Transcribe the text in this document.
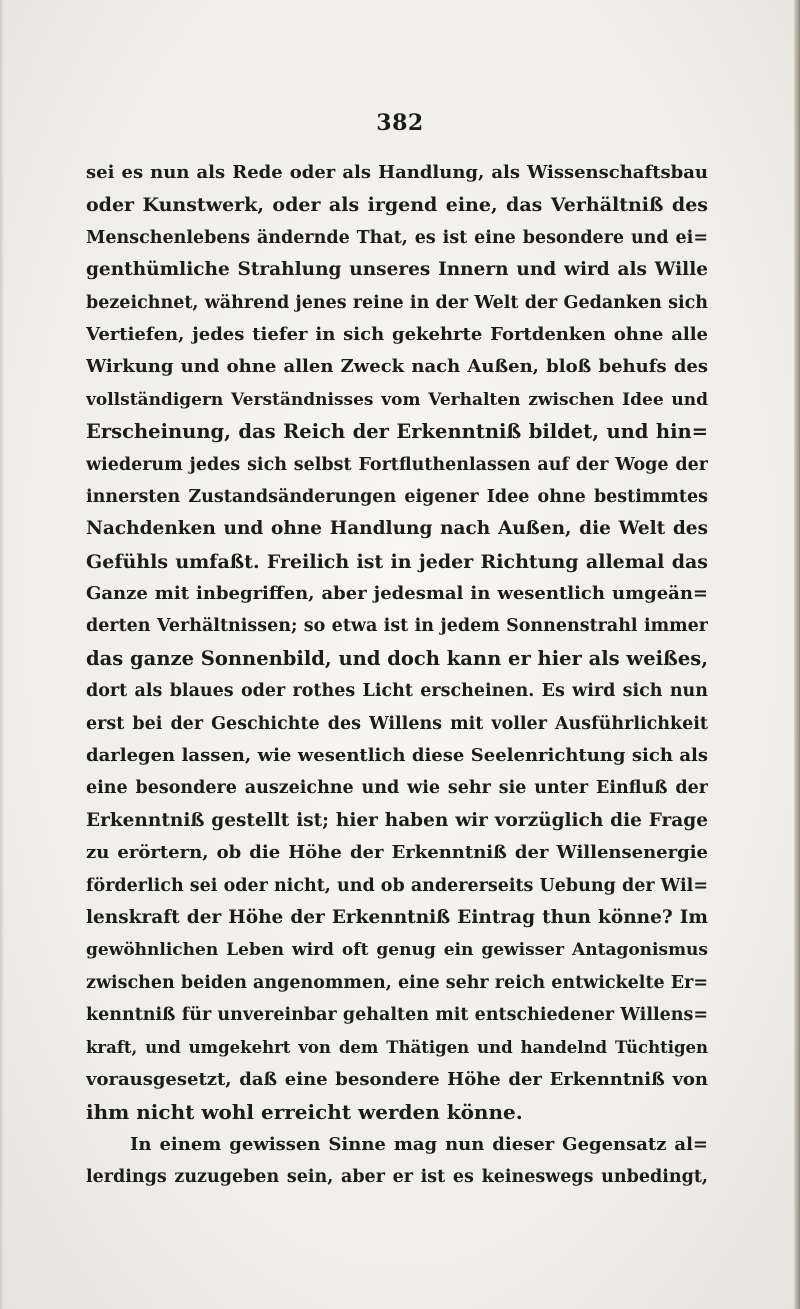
382
sei es nun als Rede oder als Handlung, als Wissenschaftsbau
oder Kunstwerk, oder als irgend eine, das Verhältniß des
Menschenlebens ändernde That, es ist eine besondere und ei=
genthümliche Strahlung unseres Innern und wird als Wille
bezeichnet, während jenes reine in der Welt der Gedanken sich
Vertiefen, jedes tiefer in sich gekehrte Fortdenken ohne alle
Wirkung und ohne allen Zweck nach Außen, bloß behufs des
vollständigern Verständnisses vom Verhalten zwischen Idee und
Erscheinung, das Reich der Erkenntniß bildet, und hin=
wiederum jedes sich selbst Fortfluthenlassen auf der Woge der
innersten Zustandsänderungen eigener Idee ohne bestimmtes
Nachdenken und ohne Handlung nach Außen, die Welt des
Gefühls umfaßt. Freilich ist in jeder Richtung allemal das
Ganze mit inbegriffen, aber jedesmal in wesentlich umgeän=
derten Verhältnissen; so etwa ist in jedem Sonnenstrahl immer
das ganze Sonnenbild, und doch kann er hier als weißes,
dort als blaues oder rothes Licht erscheinen. Es wird sich nun
erst bei der Geschichte des Willens mit voller Ausführlichkeit
darlegen lassen, wie wesentlich diese Seelenrichtung sich als
eine besondere auszeichne und wie sehr sie unter Einfluß der
Erkenntniß gestellt ist; hier haben wir vorzüglich die Frage
zu erörtern, ob die Höhe der Erkenntniß der Willensenergie
förderlich sei oder nicht, und ob andererseits Uebung der Wil=
lenskraft der Höhe der Erkenntniß Eintrag thun könne? Im
gewöhnlichen Leben wird oft genug ein gewisser Antagonismus
zwischen beiden angenommen, eine sehr reich entwickelte Er=
kenntniß für unvereinbar gehalten mit entschiedener Willens=
kraft, und umgekehrt von dem Thätigen und handelnd Tüchtigen
vorausgesetzt, daß eine besondere Höhe der Erkenntniß von
ihm nicht wohl erreicht werden könne.
In einem gewissen Sinne mag nun dieser Gegensatz al=
lerdings zuzugeben sein, aber er ist es keineswegs unbedingt,
